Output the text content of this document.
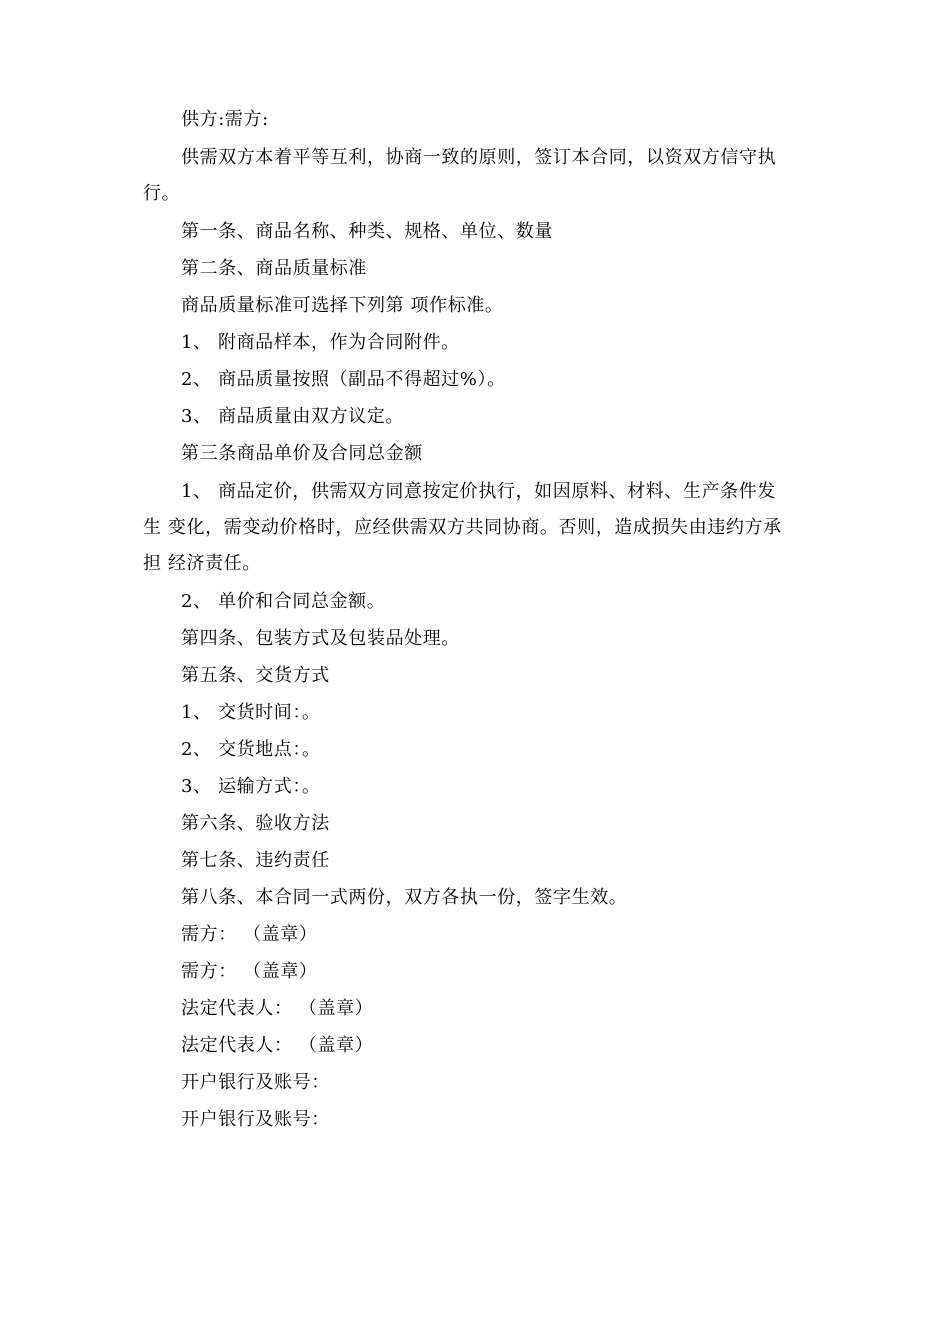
供方:需方:
供需双方本着平等互利，协商一致的原则，签订本合同，以资双方信守执
行。
第一条、商品名称、种类、规格、单位、数量
第二条、商品质量标准
商品质量标准可选择下列第 项作标准。
1、 附商品样本，作为合同附件。
2、 商品质量按照（副品不得超过%）。
3、 商品质量由双方议定。
第三条商品单价及合同总金额
1、 商品定价，供需双方同意按定价执行，如因原料、材料、生产条件发
生 变化，需变动价格时，应经供需双方共同协商。否则，造成损失由违约方承
担 经济责任。
2、 单价和合同总金额。
第四条、包装方式及包装品处理。
第五条、交货方式
1、 交货时间：。
2、 交货地点：。
3、 运输方式：。
第六条、验收方法
第七条、违约责任
第八条、本合同一式两份，双方各执一份，签字生效。
需方： （盖章）
需方： （盖章）
法定代表人： （盖章）
法定代表人： （盖章）
开户银行及账号：
开户银行及账号：
